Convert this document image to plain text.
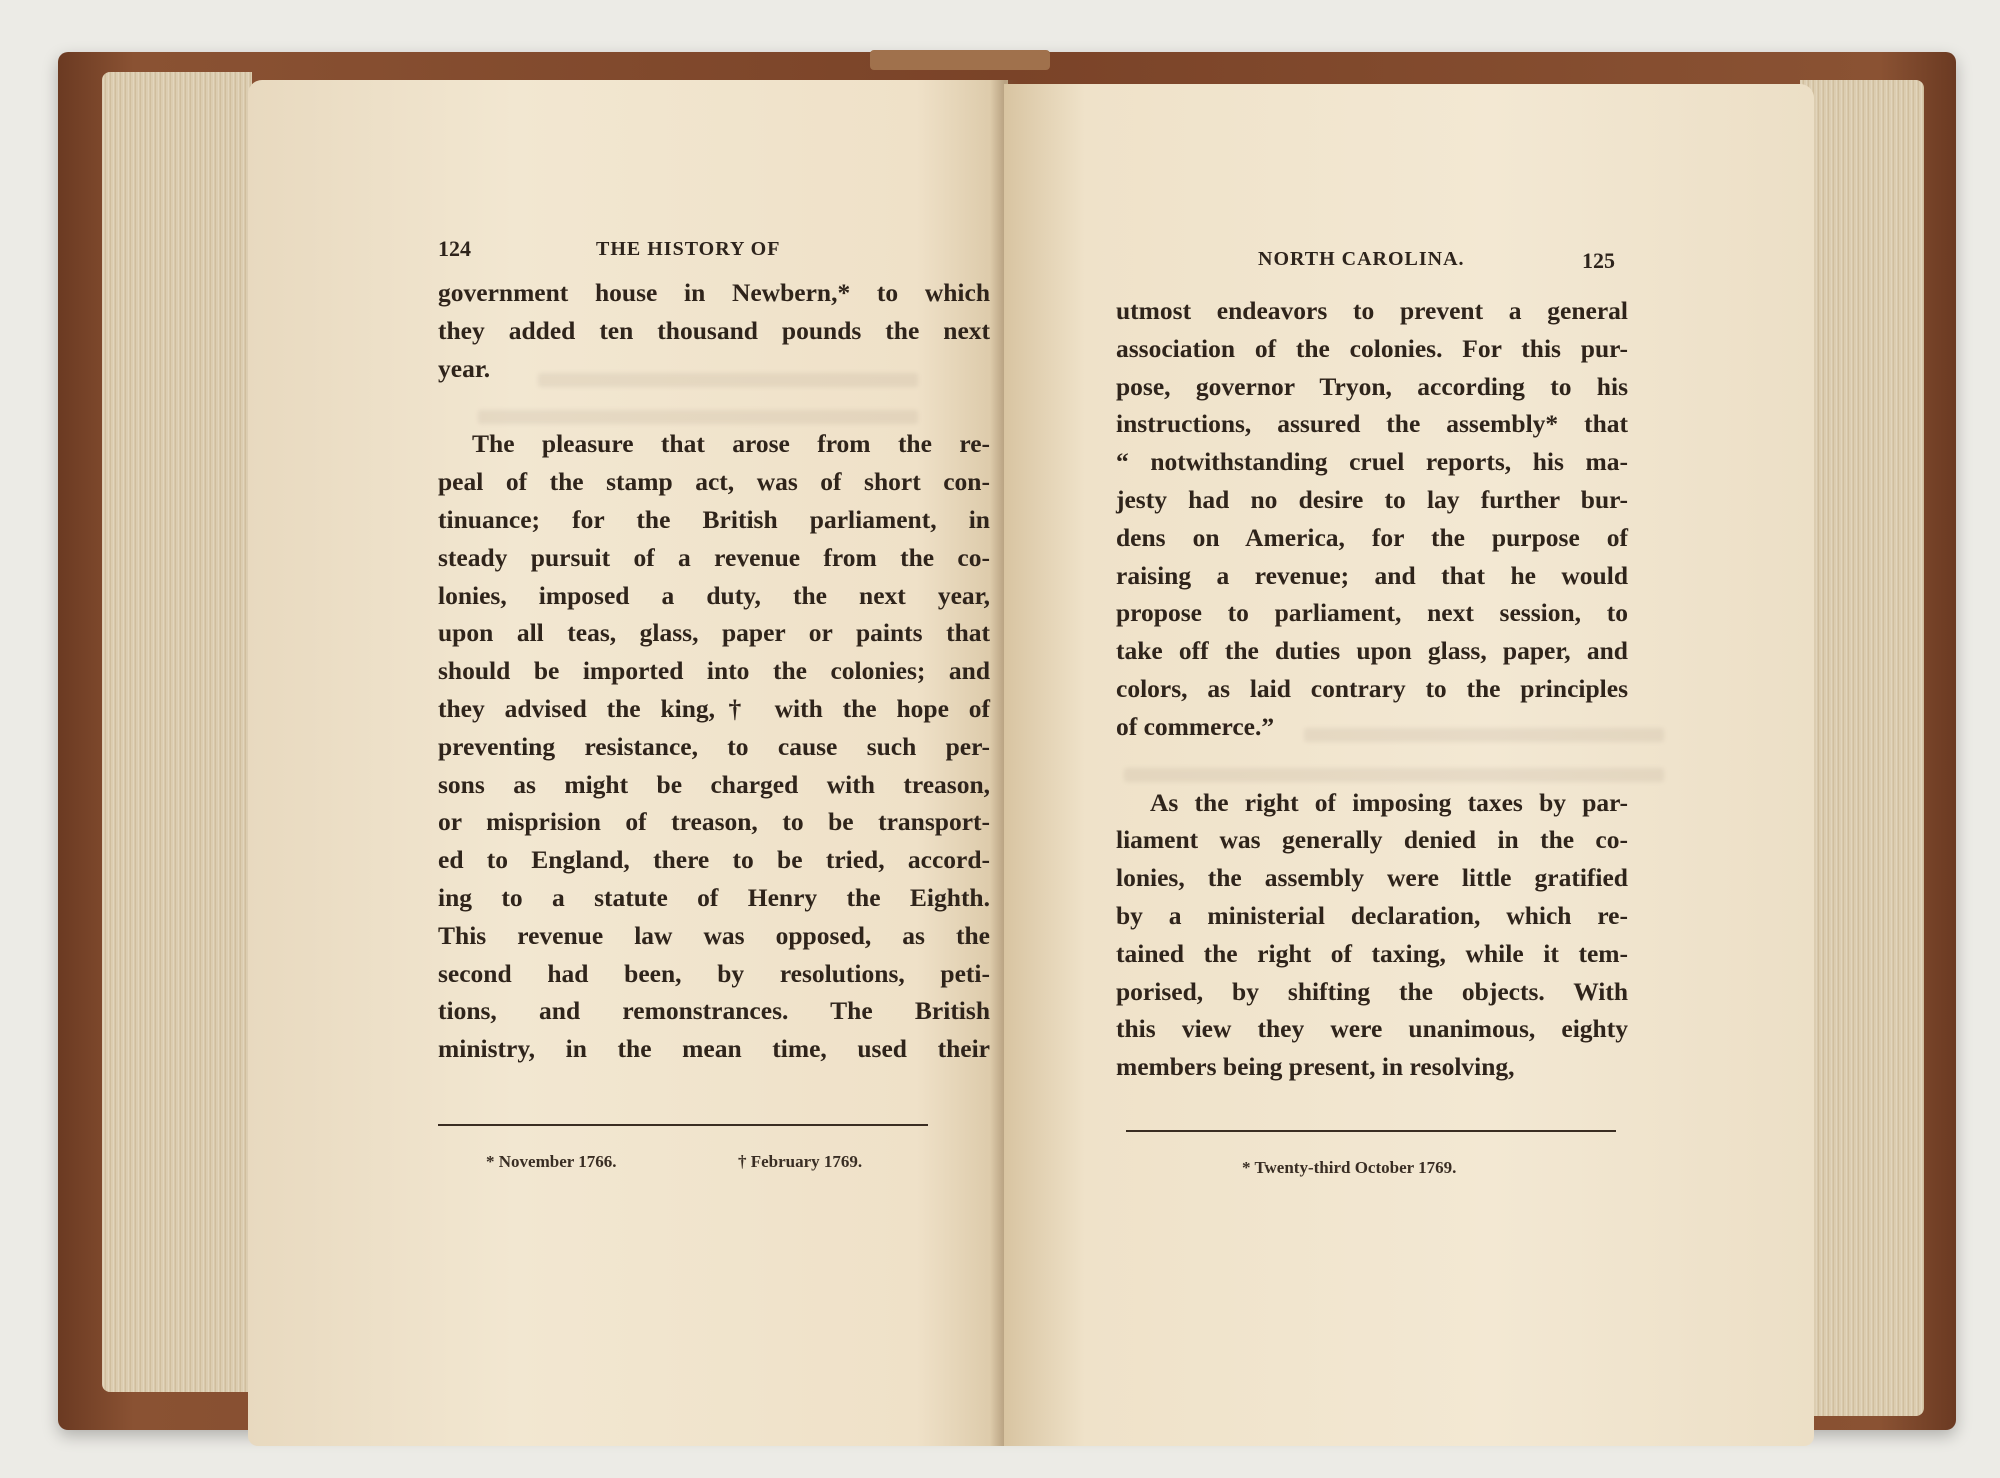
124	THE HISTORY OF
government house in Newbern,* to which
they added ten thousand pounds the next
year.
The pleasure that arose from the re-
peal of the stamp act, was of short con-
tinuance; for the British parliament, in
steady pursuit of a revenue from the co-
lonies, imposed a duty, the next year,
upon all teas, glass, paper or paints that
should be imported into the colonies; and
they advised the king,† with the hope of
preventing resistance, to cause such per-
sons as might be charged with treason,
or misprision of treason, to be transport-
ed to England, there to be tried, accord-
ing to a statute of Henry the Eighth.
This revenue law was opposed, as the
second had been, by resolutions, peti-
tions, and remonstrances. The British
ministry, in the mean time, used their
* November 1766.	† February 1769.
NORTH CAROLINA.	125
utmost endeavors to prevent a general
association of the colonies. For this pur-
pose, governor Tryon, according to his
instructions, assured the assembly* that
“ notwithstanding cruel reports, his ma-
jesty had no desire to lay further bur-
dens on America, for the purpose of
raising a revenue; and that he would
propose to parliament, next session, to
take off the duties upon glass, paper, and
colors, as laid contrary to the principles
of commerce.”
As the right of imposing taxes by par-
liament was generally denied in the co-
lonies, the assembly were little gratified
by a ministerial declaration, which re-
tained the right of taxing, while it tem-
porised, by shifting the objects. With
this view they were unanimous, eighty
members being present, in resolving,
* Twenty-third October 1769.
